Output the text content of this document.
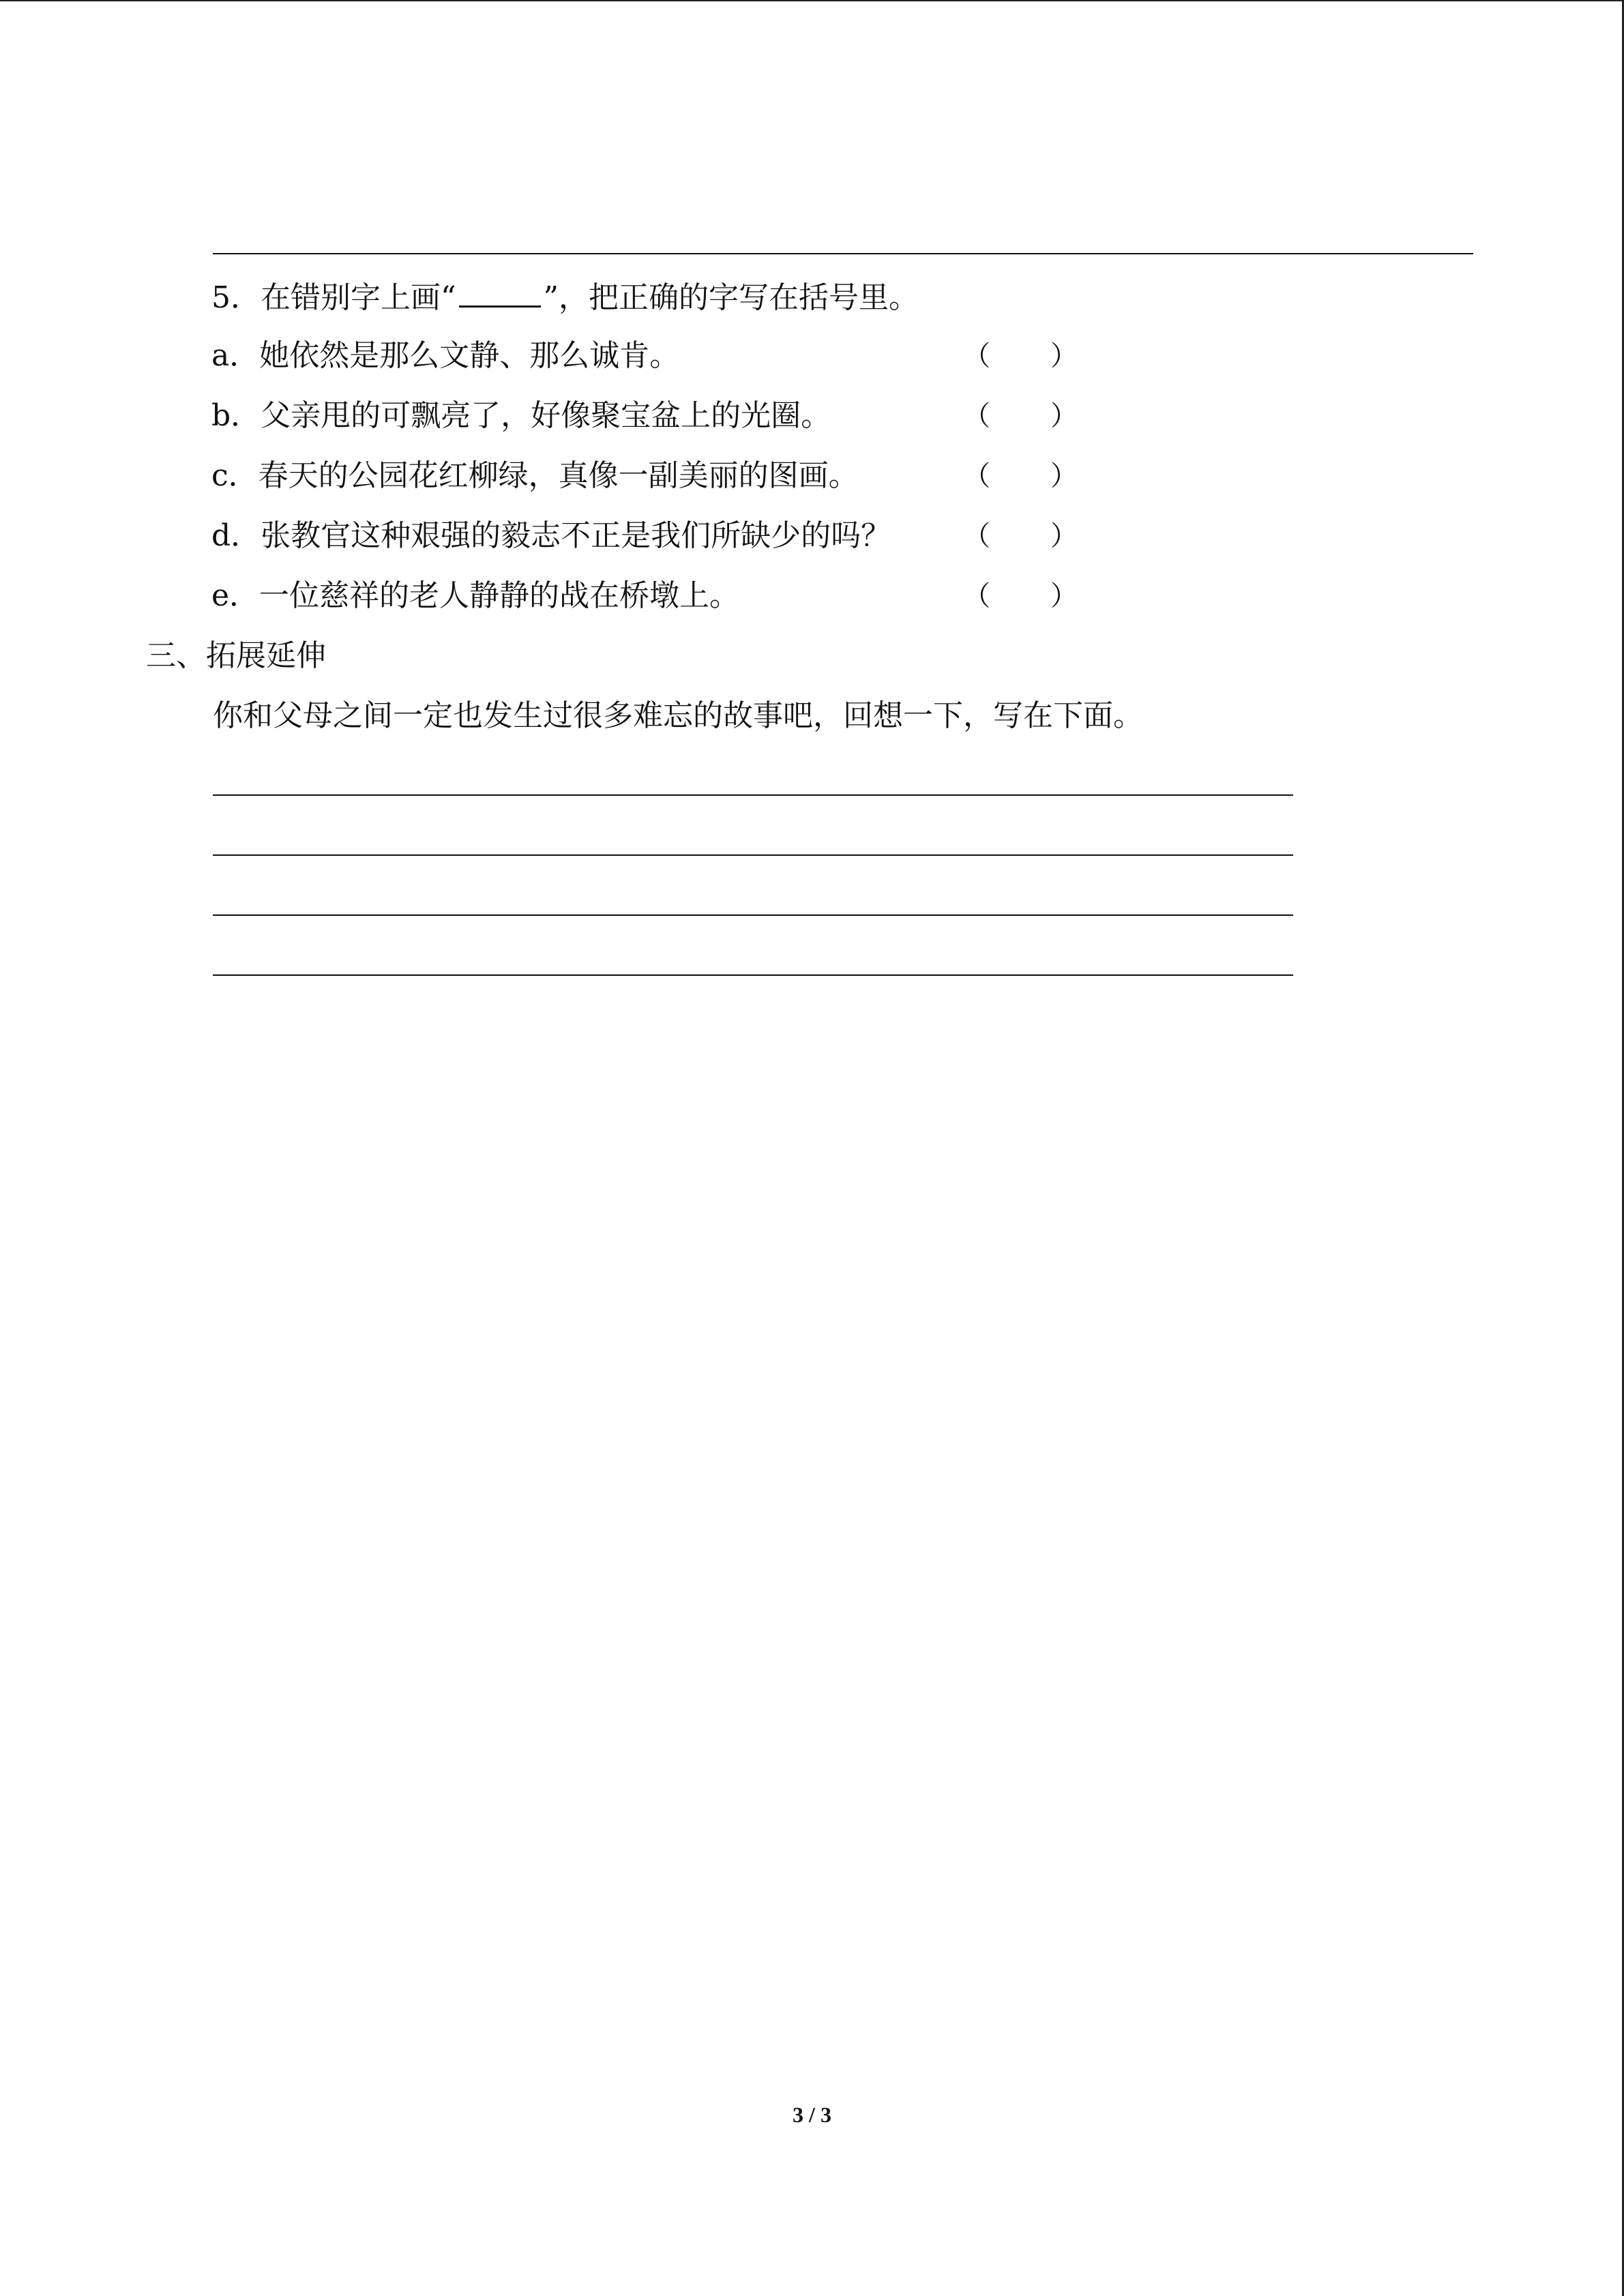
5．在错别字上画“	”，把正确的字写在括号里。
a．她依然是那么文静、那么诚肯。	（ ）
b．父亲甩的可飘亮了，好像聚宝盆上的光圈。	（ ）
c．春天的公园花红柳绿，真像一副美丽的图画。	（ ）
d．张教官这种艰强的毅志不正是我们所缺少的吗？	（ ）
e．一位慈祥的老人静静的战在桥墩上。	（ ）
三、拓展延伸
你和父母之间一定也发生过很多难忘的故事吧，回想一下，写在下面。
3 / 3
